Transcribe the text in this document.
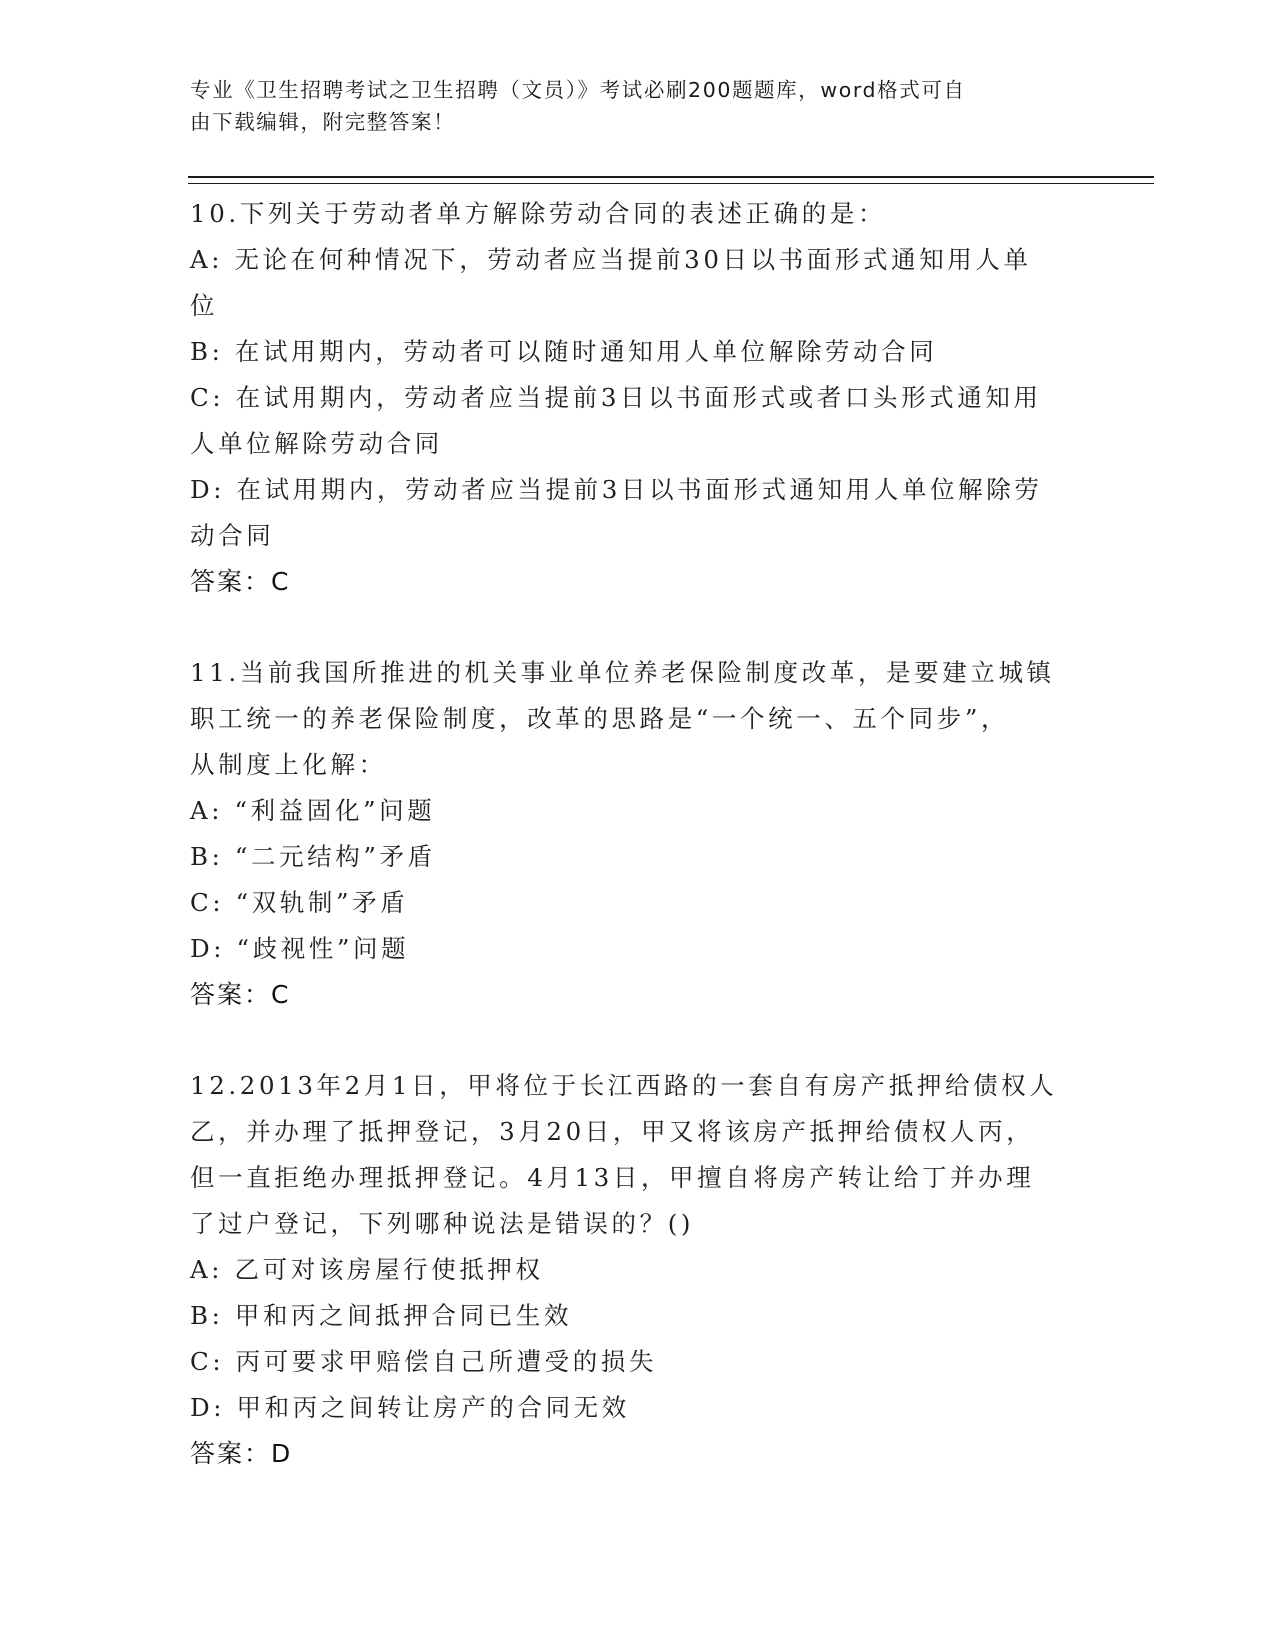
专业《卫生招聘考试之卫生招聘（文员）》考试必刷200题题库，word格式可自
由下载编辑，附完整答案！
10.下列关于劳动者单方解除劳动合同的表述正确的是：
A: 无论在何种情况下，劳动者应当提前30日以书面形式通知用人单
位
B: 在试用期内，劳动者可以随时通知用人单位解除劳动合同
C: 在试用期内，劳动者应当提前3日以书面形式或者口头形式通知用
人单位解除劳动合同
D: 在试用期内，劳动者应当提前3日以书面形式通知用人单位解除劳
动合同
答案：C
11.当前我国所推进的机关事业单位养老保险制度改革，是要建立城镇
职工统一的养老保险制度，改革的思路是“一个统一、五个同步”，
从制度上化解：
A: “利益固化”问题
B: “二元结构”矛盾
C: “双轨制”矛盾
D: “歧视性”问题
答案：C
12.2013年2月1日，甲将位于长江西路的一套自有房产抵押给债权人
乙，并办理了抵押登记，3月20日，甲又将该房产抵押给债权人丙，
但一直拒绝办理抵押登记。4月13日，甲擅自将房产转让给丁并办理
了过户登记，下列哪种说法是错误的？()
A: 乙可对该房屋行使抵押权
B: 甲和丙之间抵押合同已生效
C: 丙可要求甲赔偿自己所遭受的损失
D: 甲和丙之间转让房产的合同无效
答案：D
